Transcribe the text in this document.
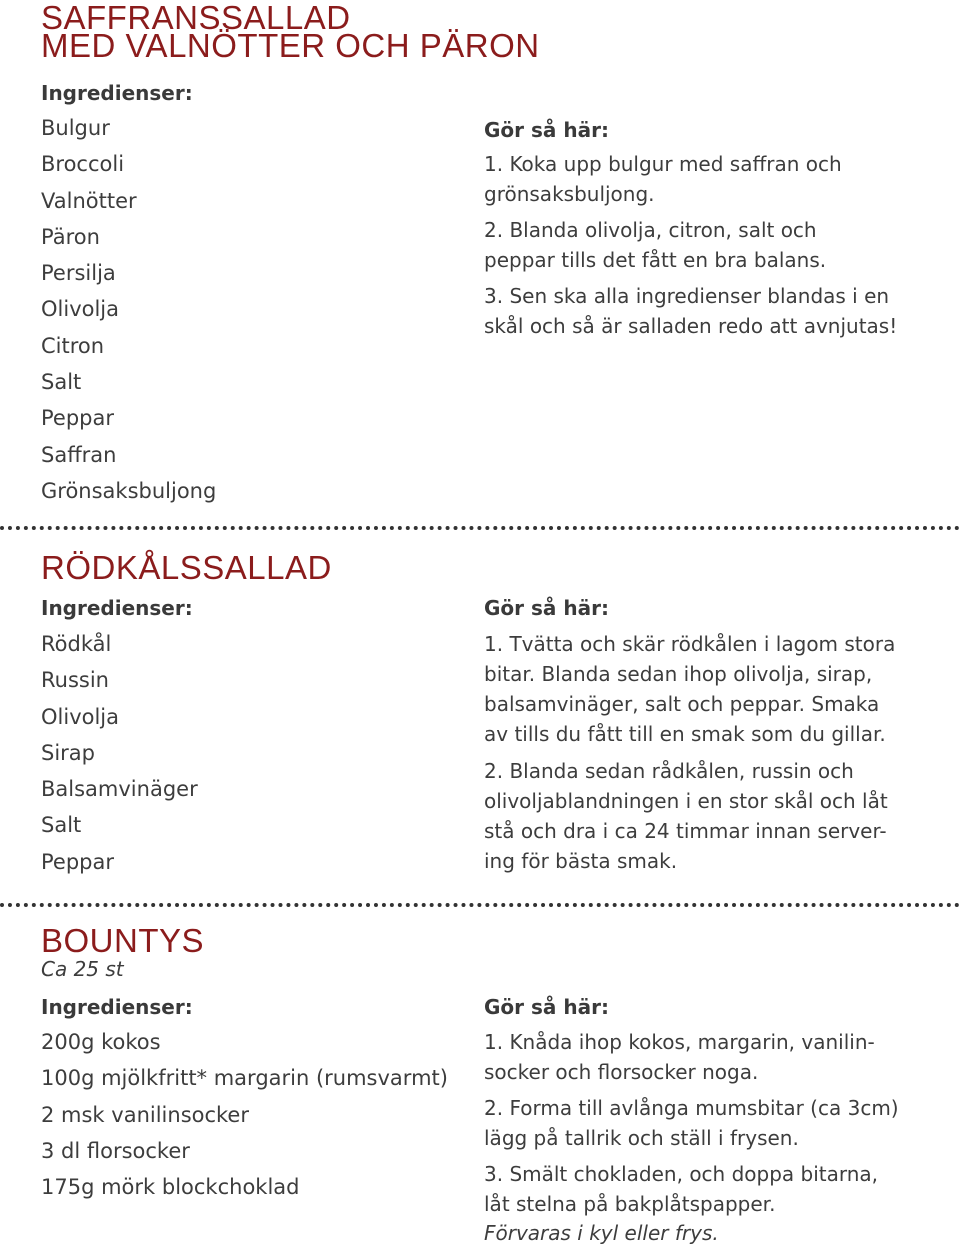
SAFFRANSSALLAD
MED VALNÖTTER OCH PÄRON
Ingredienser:
Bulgur
Broccoli
Valnötter
Päron
Persilja
Olivolja
Citron
Salt
Peppar
Saffran
Grönsaksbuljong
Gör så här:
1. Koka upp bulgur med saffran och
grönsaksbuljong.
2. Blanda olivolja, citron, salt och
peppar tills det fått en bra balans.
3. Sen ska alla ingredienser blandas i en
skål och så är salladen redo att avnjutas!
RÖDKÅLSSALLAD
Ingredienser:
Rödkål
Russin
Olivolja
Sirap
Balsamvinäger
Salt
Peppar
Gör så här:
1. Tvätta och skär rödkålen i lagom stora
bitar. Blanda sedan ihop olivolja, sirap,
balsamvinäger, salt och peppar. Smaka
av tills du fått till en smak som du gillar.
2. Blanda sedan rådkålen, russin och
olivoljablandningen i en stor skål och låt
stå och dra i ca 24 timmar innan server-
ing för bästa smak.
BOUNTYS

Ca 25 st

Ingredienser:
200g kokos
100g mjölkfritt* margarin (rumsvarmt)
2 msk vanilinsocker
3 dl florsocker
175g mörk blockchoklad
Gör så här:
1. Knåda ihop kokos, margarin, vanilin-
socker och florsocker noga.
2. Forma till avlånga mumsbitar (ca 3cm)
lägg på tallrik och ställ i frysen.
3. Smält chokladen, och doppa bitarna,
låt stelna på bakplåtspapper.
Förvaras i kyl eller frys.
